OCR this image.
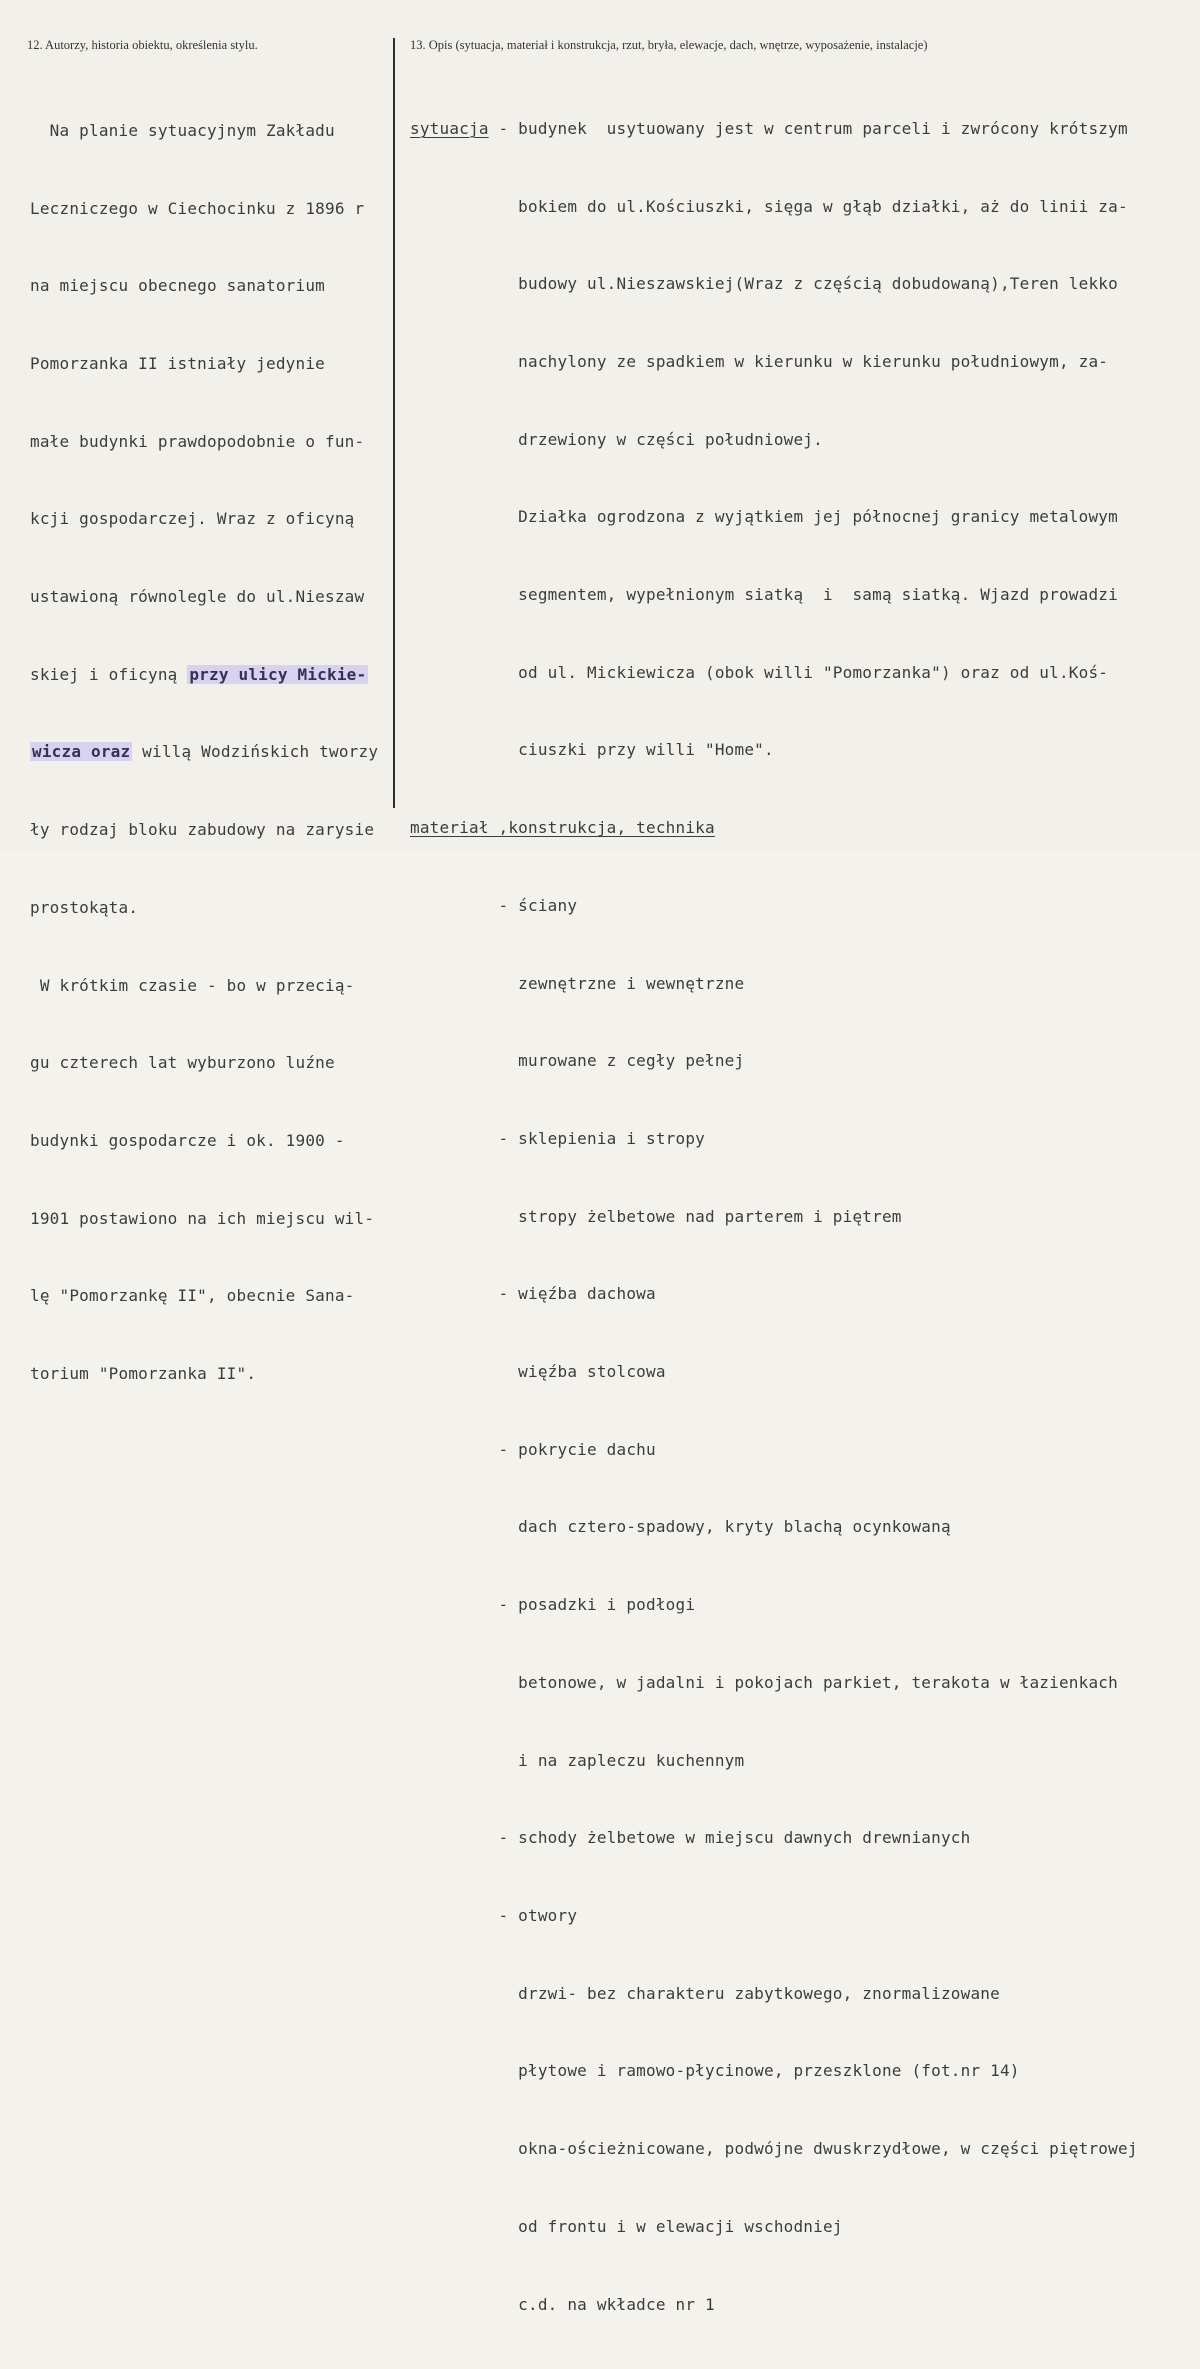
12. Autorzy, historia obiektu, określenia stylu.	13. Opis (sytuacja, materiał i konstrukcja, rzut, bryła, elewacje, dach, wnętrze, wyposażenie, instalacje)

Na planie sytuacyjnym Zakładu

Leczniczego w Ciechocinku z 1896 r

na miejscu obecnego sanatorium

Pomorzanka II istniały jedynie

małe budynki prawdopodobnie o fun-

kcji gospodarczej. Wraz z oficyną

ustawioną równolegle do ul.Nieszaw

skiej i oficyną przy ulicy Mickie-

wicza oraz willą Wodzińskich tworzy

ły rodzaj bloku zabudowy na zarysie

prostokąta.

W krótkim czasie - bo w przecią-

gu czterech lat wyburzono luźne

budynki gospodarcze i ok. 1900 -

1901 postawiono na ich miejscu wil-

lę "Pomorzankę II", obecnie Sana-

torium "Pomorzanka II".

sytuacja - budynek  usytuowany jest w centrum parceli i zwrócony krótszym

bokiem do ul.Kościuszki, sięga w głąb działki, aż do linii za-

budowy ul.Nieszawskiej(Wraz z częścią dobudowaną),Teren lekko

nachylony ze spadkiem w kierunku w kierunku południowym, za-

drzewiony w części południowej.

Działka ogrodzona z wyjątkiem jej północnej granicy metalowym

segmentem, wypełnionym siatką  i  samą siatką. Wjazd prowadzi

od ul. Mickiewicza (obok willi "Pomorzanka") oraz od ul.Koś-

ciuszki przy willi "Home".

materiał ,konstrukcja, technika

- ściany

zewnętrzne i wewnętrzne

murowane z cegły pełnej

- sklepienia i stropy

stropy żelbetowe nad parterem i piętrem

- więźba dachowa

więźba stolcowa

- pokrycie dachu

dach cztero-spadowy, kryty blachą ocynkowaną

- posadzki i podłogi

betonowe, w jadalni i pokojach parkiet, terakota w łazienkach

i na zapleczu kuchennym

- schody żelbetowe w miejscu dawnych drewnianych

- otwory

drzwi- bez charakteru zabytkowego, znormalizowane

płytowe i ramowo-płycinowe, przeszklone (fot.nr 14)

okna-ościeżnicowane, podwójne dwuskrzydłowe, w części piętrowej

od frontu i w elewacji wschodniej

c.d. na wkładce nr 1
